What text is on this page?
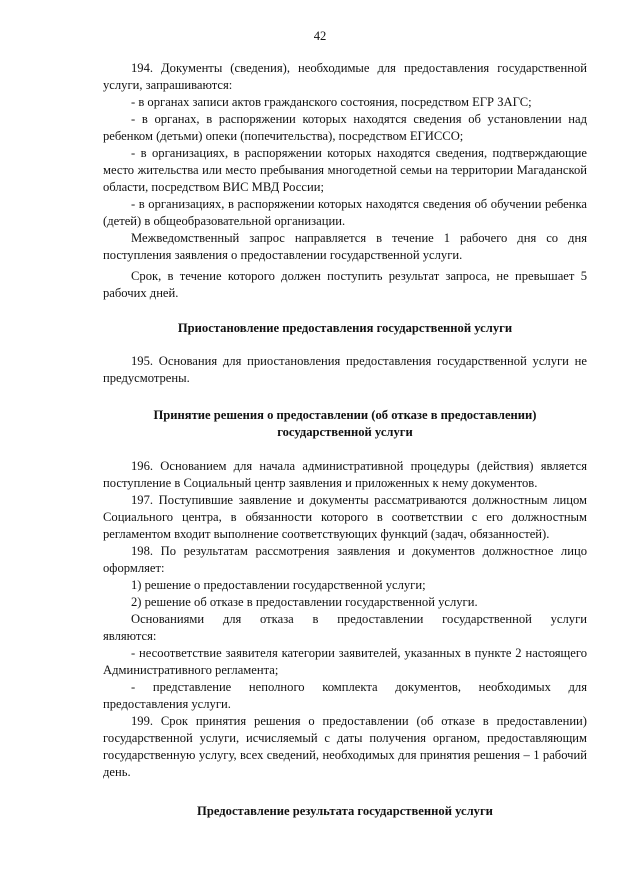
42

194. Документы (сведения), необходимые для предоставления государственной услуги, запрашиваются:

- в органах записи актов гражданского состояния, посредством ЕГР ЗАГС;

- в органах, в распоряжении которых находятся сведения об установлении над ребенком (детьми) опеки (попечительства), посредством ЕГИССО;

- в организациях, в распоряжении которых находятся сведения, подтверждающие место жительства или место пребывания многодетной семьи на территории Магаданской области, посредством ВИС МВД России;

- в организациях, в распоряжении которых находятся сведения об обучении ребенка (детей) в общеобразовательной организации.

Межведомственный запрос направляется в течение 1 рабочего дня со дня поступления заявления о предоставлении государственной услуги.

Срок, в течение которого должен поступить результат запроса, не превышает 5 рабочих дней.

Приостановление предоставления государственной услуги

195. Основания для приостановления предоставления государственной услуги не предусмотрены.

Принятие решения о предоставлении (об отказе в предоставлении)
государственной услуги

196. Основанием для начала административной процедуры (действия) является поступление в Социальный центр заявления и приложенных к нему документов.

197. Поступившие заявление и документы рассматриваются должностным лицом Социального центра, в обязанности которого в соответствии с его должностным регламентом входит выполнение соответствующих функций (задач, обязанностей).

198. По результатам рассмотрения заявления и документов должностное лицо оформляет:

1) решение о предоставлении государственной услуги;

2) решение об отказе в предоставлении государственной услуги.

Основаниями для отказа в предоставлении государственной услуги

являются:

- несоответствие заявителя категории заявителей, указанных в пункте 2 настоящего Административного регламента;

- представление неполного комплекта документов, необходимых для предоставления услуги.

199. Срок принятия решения о предоставлении (об отказе в предоставлении) государственной услуги, исчисляемый с даты получения органом, предоставляющим государственную услугу, всех сведений, необходимых для принятия решения – 1 рабочий день.

Предоставление результата государственной услуги
